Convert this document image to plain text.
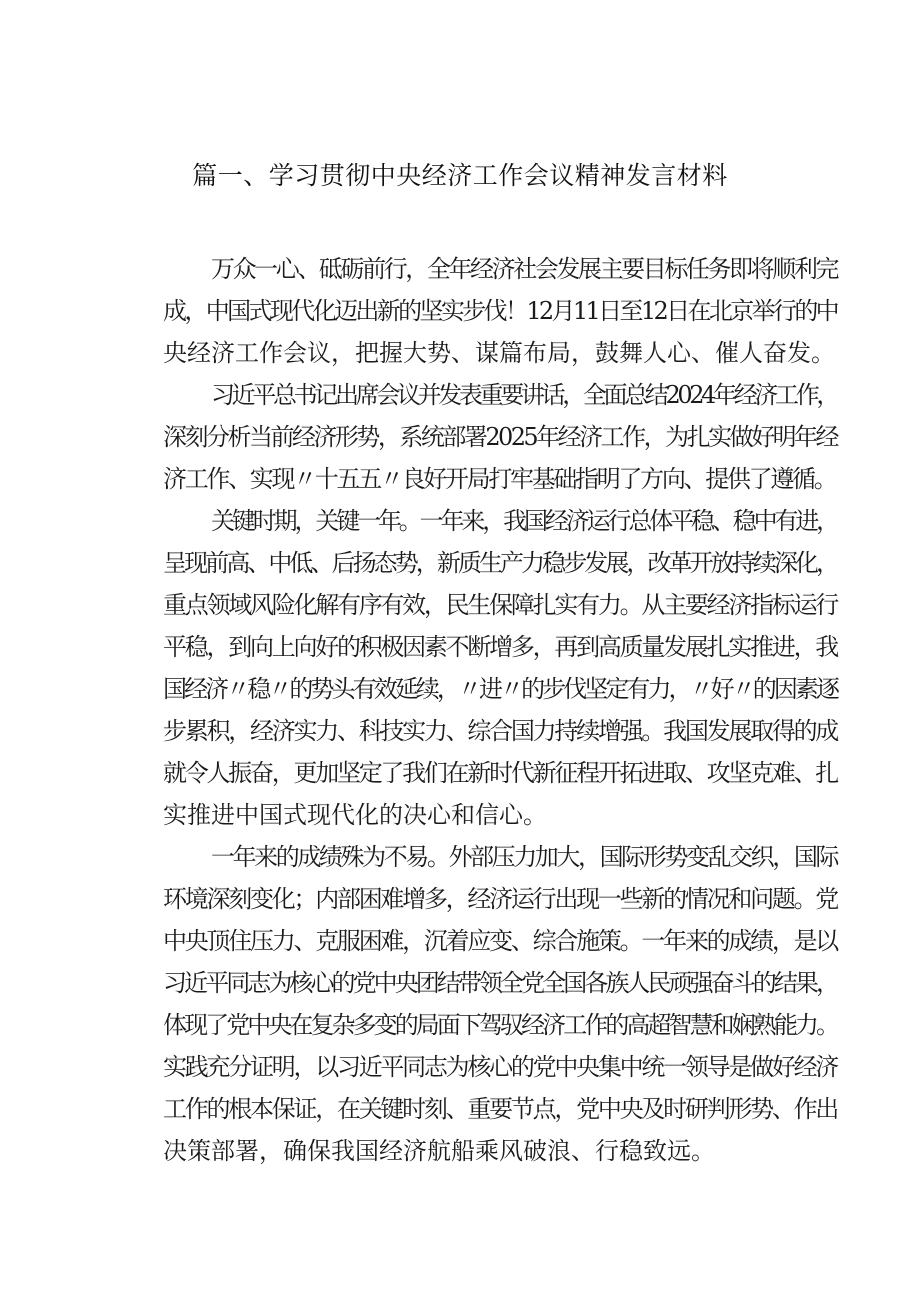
篇一、学习贯彻中央经济工作会议精神发言材料
万众一心、砥砺前行，全年经济社会发展主要目标任务即将顺利完
成，中国式现代化迈出新的坚实步伐！12月11日至12日在北京举行的中
央经济工作会议，把握大势、谋篇布局，鼓舞人心、催人奋发。
习近平总书记出席会议并发表重要讲话，全面总结2024年经济工作，
深刻分析当前经济形势，系统部署2025年经济工作，为扎实做好明年经
济工作、实现〃十五五〃良好开局打牢基础指明了方向、提供了遵循。
关键时期，关键一年。一年来，我国经济运行总体平稳、稳中有进，
呈现前高、中低、后扬态势，新质生产力稳步发展，改革开放持续深化，
重点领域风险化解有序有效，民生保障扎实有力。从主要经济指标运行
平稳，到向上向好的积极因素不断增多，再到高质量发展扎实推进，我
国经济〃稳〃的势头有效延续，〃进〃的步伐坚定有力，〃好〃的因素逐
步累积，经济实力、科技实力、综合国力持续增强。我国发展取得的成
就令人振奋，更加坚定了我们在新时代新征程开拓进取、攻坚克难、扎
实推进中国式现代化的决心和信心。
一年来的成绩殊为不易。外部压力加大，国际形势变乱交织，国际
环境深刻变化；内部困难增多，经济运行出现一些新的情况和问题。党
中央顶住压力、克服困难，沉着应变、综合施策。一年来的成绩，是以
习近平同志为核心的党中央团结带领全党全国各族人民顽强奋斗的结果，
体现了党中央在复杂多变的局面下驾驭经济工作的高超智慧和娴熟能力。
实践充分证明，以习近平同志为核心的党中央集中统一领导是做好经济
工作的根本保证，在关键时刻、重要节点，党中央及时研判形势、作出
决策部署，确保我国经济航船乘风破浪、行稳致远。
